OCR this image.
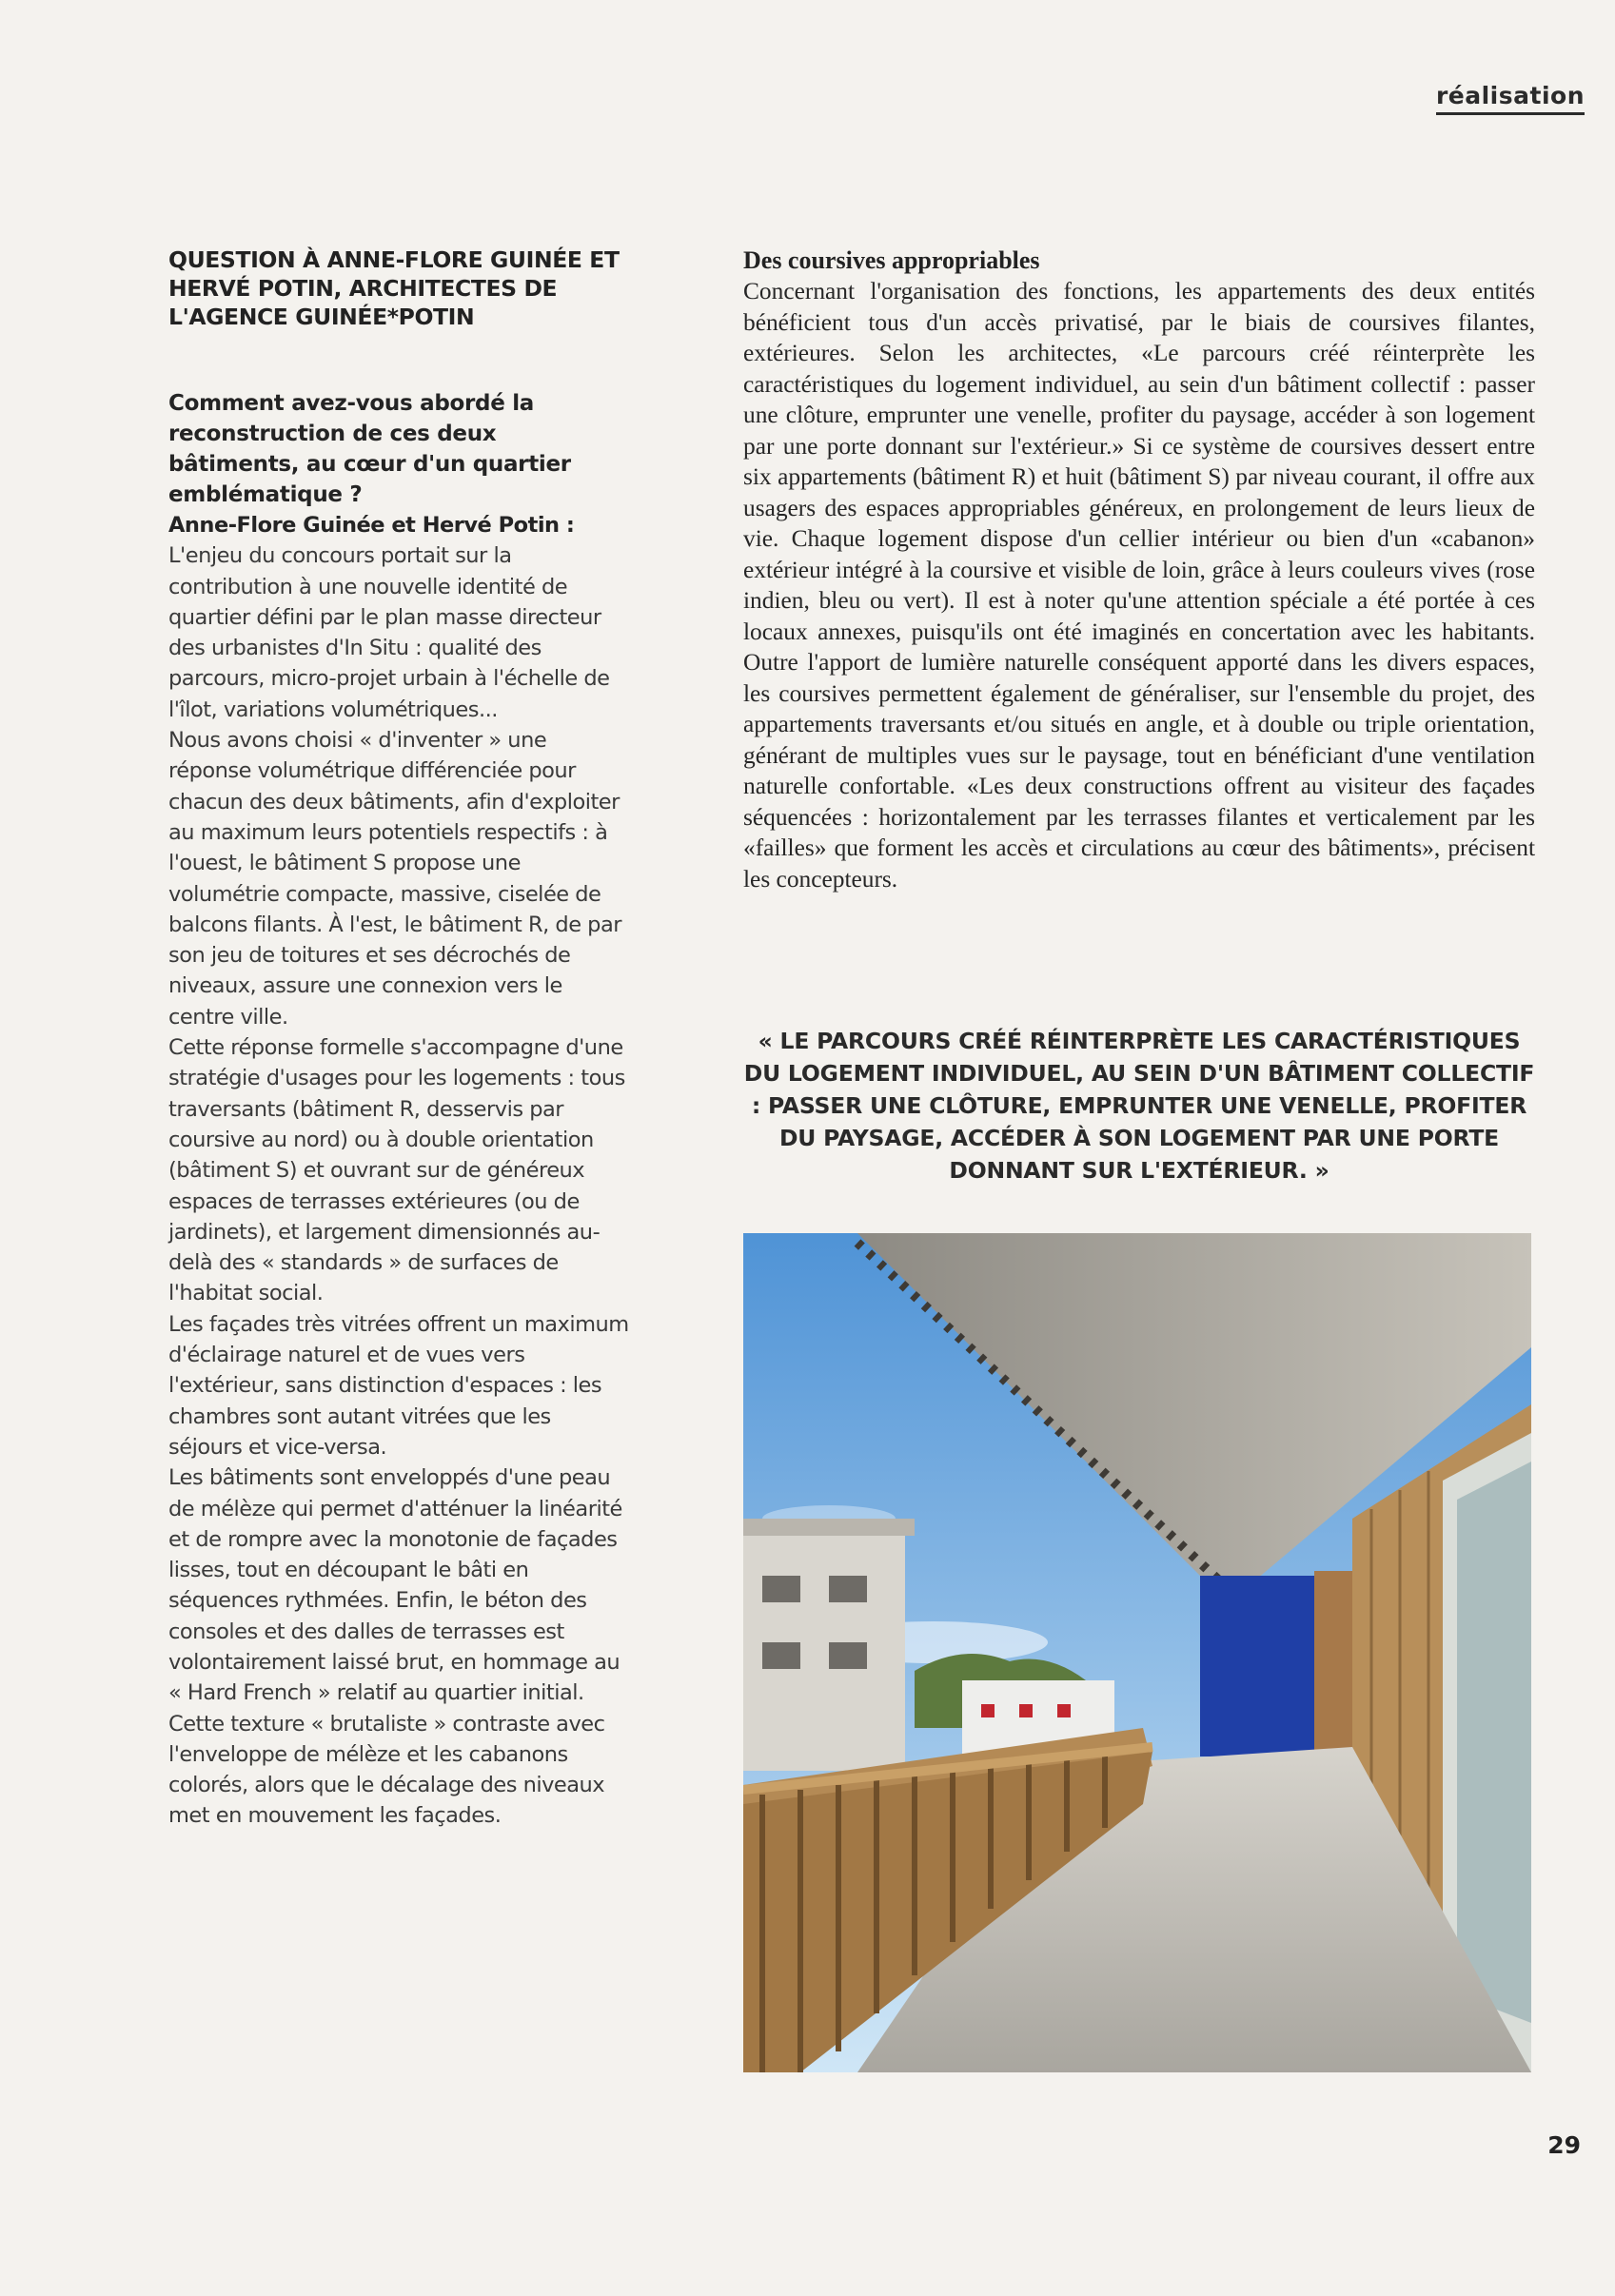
réalisation
QUESTION À ANNE-FLORE GUINÉE ET HERVÉ POTIN, ARCHITECTES DE L'AGENCE GUINÉE*POTIN

Comment avez-vous abordé la reconstruction de ces deux bâtiments, au cœur d'un quartier emblématique ?

Anne-Flore Guinée et Hervé Potin : L'enjeu du concours portait sur la contribution à une nouvelle identité de quartier défini par le plan masse directeur des urbanistes d'In Situ : qualité des parcours, micro-projet urbain à l'échelle de l'îlot, variations volumétriques...

Nous avons choisi « d'inventer » une réponse volumétrique différenciée pour chacun des deux bâtiments, afin d'exploiter au maximum leurs potentiels respectifs : à l'ouest, le bâtiment S propose une volumétrie compacte, massive, ciselée de balcons filants. À l'est, le bâtiment R, de par son jeu de toitures et ses décrochés de niveaux, assure une connexion vers le centre ville.

Cette réponse formelle s'accompagne d'une stratégie d'usages pour les logements : tous traversants (bâtiment R, desservis par coursive au nord) ou à double orientation (bâtiment S) et ouvrant sur de généreux espaces de terrasses extérieures (ou de jardinets), et largement dimensionnés au-delà des « standards » de surfaces de l'habitat social.

Les façades très vitrées offrent un maximum d'éclairage naturel et de vues vers l'extérieur, sans distinction d'espaces : les chambres sont autant vitrées que les séjours et vice-versa.

Les bâtiments sont enveloppés d'une peau de mélèze qui permet d'atténuer la linéarité et de rompre avec la monotonie de façades lisses, tout en découpant le bâti en séquences rythmées. Enfin, le béton des consoles et des dalles de terrasses est volontairement laissé brut, en hommage au « Hard French » relatif au quartier initial. Cette texture « brutaliste » contraste avec l'enveloppe de mélèze et les cabanons colorés, alors que le décalage des niveaux met en mouvement les façades.

Des coursives appropriables

Concernant l'organisation des fonctions, les appartements des deux entités bénéficient tous d'un accès privatisé, par le biais de coursives filantes, extérieures. Selon les architectes, «Le parcours créé réinterprète les caractéristiques du logement individuel, au sein d'un bâtiment collectif : passer une clôture, emprunter une venelle, profiter du paysage, accéder à son logement par une porte donnant sur l'extérieur.» Si ce système de coursives dessert entre six appartements (bâtiment R) et huit (bâtiment S) par niveau courant, il offre aux usagers des espaces appropriables généreux, en prolongement de leurs lieux de vie. Chaque logement dispose d'un cellier intérieur ou bien d'un «cabanon» extérieur intégré à la coursive et visible de loin, grâce à leurs couleurs vives (rose indien, bleu ou vert). Il est à noter qu'une attention spéciale a été portée à ces locaux annexes, puisqu'ils ont été imaginés en concertation avec les habitants. Outre l'apport de lumière naturelle conséquent apporté dans les divers espaces, les coursives permettent également de généraliser, sur l'ensemble du projet, des appartements traversants et/ou situés en angle, et à double ou triple orientation, générant de multiples vues sur le paysage, tout en bénéficiant d'une ventilation naturelle confortable. «Les deux constructions offrent au visiteur des façades séquencées : horizontalement par les terrasses filantes et verticalement par les «failles» que forment les accès et circulations au cœur des bâtiments», précisent les concepteurs.

« LE PARCOURS CRÉÉ RÉINTERPRÈTE LES CARACTÉRISTIQUES DU LOGEMENT INDIVIDUEL, AU SEIN D'UN BÂTIMENT COLLECTIF : PASSER UNE CLÔTURE, EMPRUNTER UNE VENELLE, PROFITER DU PAYSAGE, ACCÉDER À SON LOGEMENT PAR UNE PORTE DONNANT SUR L'EXTÉRIEUR. »

29
